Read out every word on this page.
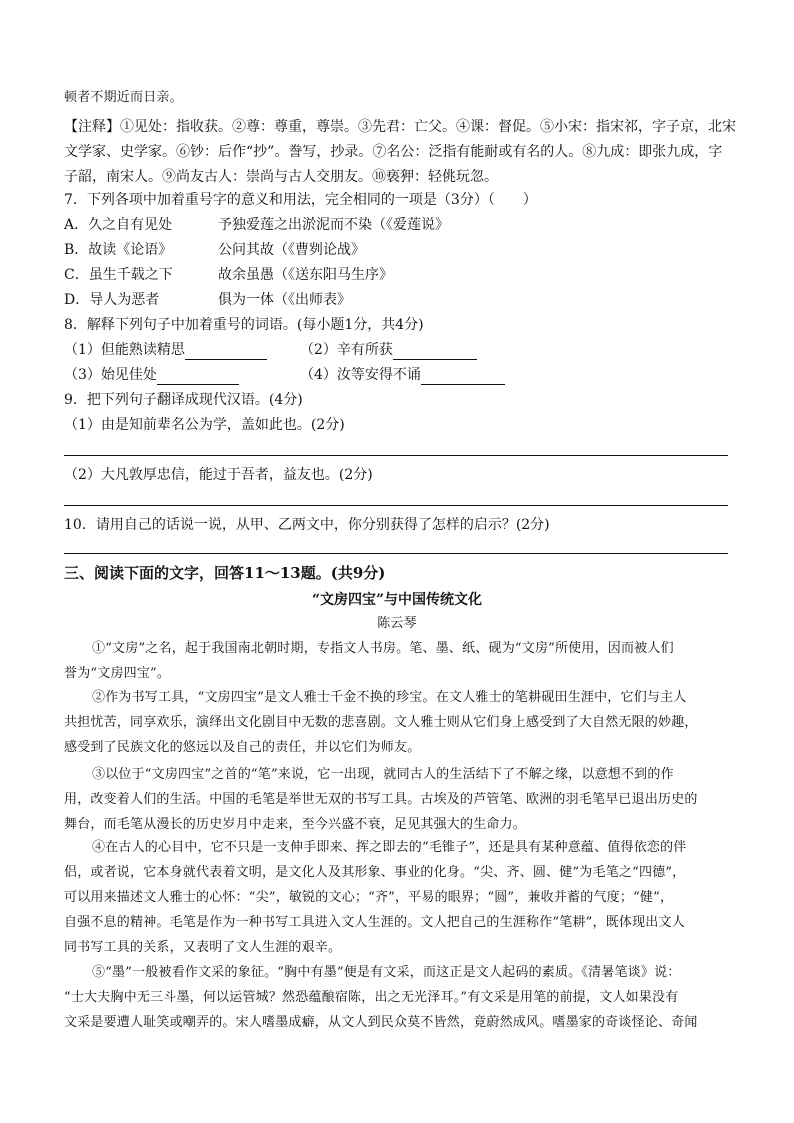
顿者不期近而日亲。
【注释】①见处：指收获。②尊：尊重，尊崇。③先君：亡父。④课：督促。⑤小宋：指宋祁，字子京，北宋
文学家、史学家。⑥钞：后作“抄”。誊写，抄录。⑦名公：泛指有能耐或有名的人。⑧九成：即张九成，字
子韶，南宋人。⑨尚友古人：崇尚与古人交朋友。⑩亵狎：轻佻玩忽。
7．下列各项中加着重号字的意义和用法，完全相同的一项是（3分）（　　）
A．久之自有见处	予独爱莲之出淤泥而不染（《爱莲说》
B．故读《论语》	公问其故（《曹刿论战》
C．虽生千载之下	故余虽愚（《送东阳马生序》
D．导人为恶者	俱为一体（《出师表》
8．解释下列句子中加着重号的词语。(每小题1分，共4分)
（1）但能熟读精思	（2）辛有所获
（3）始见佳处	（4）汝等安得不诵
9．把下列句子翻译成现代汉语。(4分)
（1）由是知前辈名公为学，盖如此也。(2分)
（2）大凡敦厚忠信，能过于吾者，益友也。(2分)
10．请用自己的话说一说，从甲、乙两文中，你分别获得了怎样的启示？(2分)
三、阅读下面的文字，回答11～13题。(共9分)
“文房四宝”与中国传统文化
陈云琴
①“文房”之名，起于我国南北朝时期，专指文人书房。笔、墨、纸、砚为“文房”所使用，因而被人们
誉为“文房四宝”。
②作为书写工具，“文房四宝”是文人雅士千金不换的珍宝。在文人雅士的笔耕砚田生涯中，它们与主人
共担忧苦，同享欢乐，演绎出文化剧目中无数的悲喜剧。文人雅士则从它们身上感受到了大自然无限的妙趣，
感受到了民族文化的悠远以及自己的责任，并以它们为师友。
③以位于“文房四宝”之首的“笔”来说，它一出现，就同古人的生活结下了不解之缘，以意想不到的作
用，改变着人们的生活。中国的毛笔是举世无双的书写工具。古埃及的芦管笔、欧洲的羽毛笔早已退出历史的
舞台，而毛笔从漫长的历史岁月中走来，至今兴盛不衰，足见其强大的生命力。
④在古人的心目中，它不只是一支伸手即来、挥之即去的“毛锥子”，还是具有某种意蕴、值得依恋的伴
侣，或者说，它本身就代表着文明，是文化人及其形象、事业的化身。“尖、齐、圆、健”为毛笔之“四德”，
可以用来描述文人雅士的心怀：“尖”，敏锐的文心；“齐”，平易的眼界；“圆”，兼收并蓄的气度；“健”，
自强不息的精神。毛笔是作为一种书写工具进入文人生涯的。文人把自己的生涯称作“笔耕”，既体现出文人
同书写工具的关系，又表明了文人生涯的艰辛。
⑤“墨”一般被看作文采的象征。“胸中有墨”便是有文采，而这正是文人起码的素质。《清暑笔谈》说：
“士大夫胸中无三斗墨，何以运管城？然恐蕴酿宿陈，出之无光泽耳。”有文采是用笔的前提，文人如果没有
文采是要遭人耻笑或嘲弄的。宋人嗜墨成癖，从文人到民众莫不皆然，竟蔚然成风。嗜墨家的奇谈怪论、奇闻
